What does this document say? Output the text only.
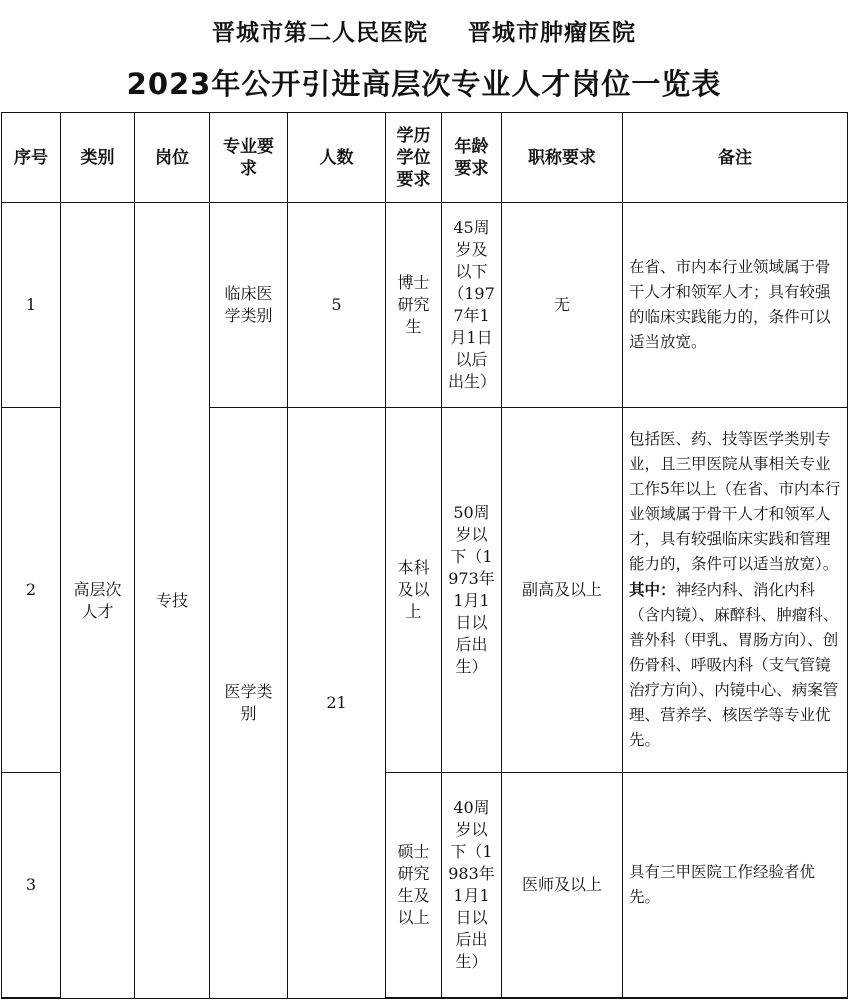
晋城市第二人民医院 晋城市肿瘤医院
2023年公开引进高层次专业人才岗位一览表
序号	类别	岗位	专业要求	人数	学历学位要求	年龄要求	职称要求	备注
1	高层次人才	专技	临床医学类别	5	博士研究生	45周岁及以下（1977年1月1日以后出生）	无	在省、市内本行业领域属于骨干人才和领军人才；具有较强的临床实践能力的，条件可以适当放宽。
2			医学类别	21	本科及以上	50周岁以下（1973年1月1日以后出生）	副高及以上	包括医、药、技等医学类别专业，且三甲医院从事相关专业工作5年以上（在省、市内本行业领域属于骨干人才和领军人才，具有较强临床实践和管理能力的，条件可以适当放宽）。
其中：神经内科、消化内科（含内镜）、麻醉科、肿瘤科、普外科（甲乳、胃肠方向）、创伤骨科、呼吸内科（支气管镜治疗方向）、内镜中心、病案管理、营养学、核医学等专业优先。
3					硕士研究生及以上	40周岁以下（1983年1月1日以后出生）	医师及以上	具有三甲医院工作经验者优先。
